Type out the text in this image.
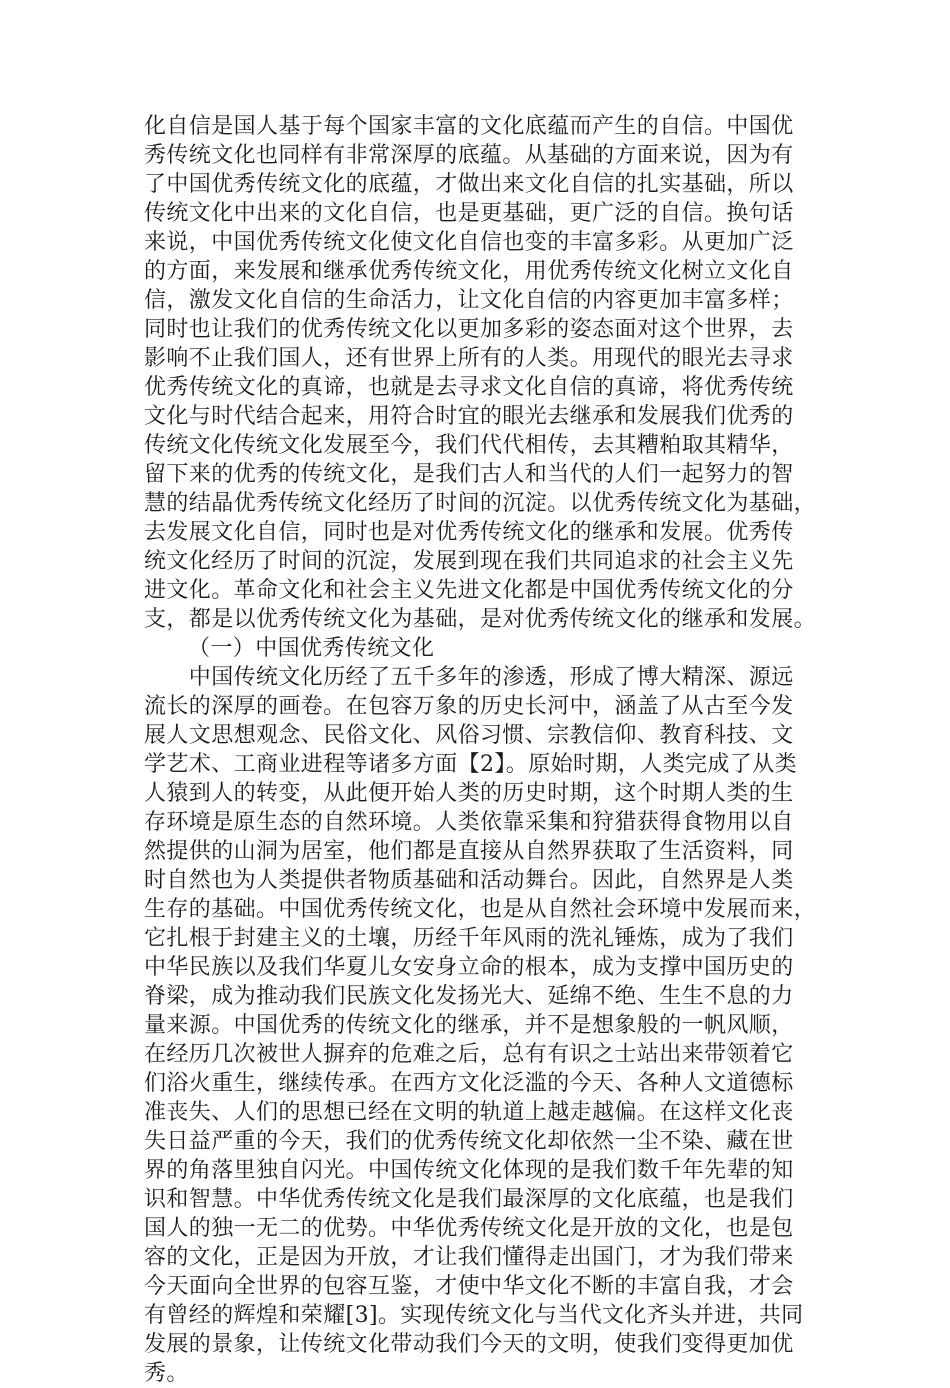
化自信是国人基于每个国家丰富的文化底蕴而产生的自信。中国优
秀传统文化也同样有非常深厚的底蕴。从基础的方面来说，因为有
了中国优秀传统文化的底蕴，才做出来文化自信的扎实基础，所以
传统文化中出来的文化自信，也是更基础，更广泛的自信。换句话
来说，中国优秀传统文化使文化自信也变的丰富多彩。从更加广泛
的方面，来发展和继承优秀传统文化，用优秀传统文化树立文化自
信，激发文化自信的生命活力，让文化自信的内容更加丰富多样；
同时也让我们的优秀传统文化以更加多彩的姿态面对这个世界，去
影响不止我们国人，还有世界上所有的人类。用现代的眼光去寻求
优秀传统文化的真谛，也就是去寻求文化自信的真谛，将优秀传统
文化与时代结合起来，用符合时宜的眼光去继承和发展我们优秀的
传统文化传统文化发展至今，我们代代相传，去其糟粕取其精华，
留下来的优秀的传统文化，是我们古人和当代的人们一起努力的智
慧的结晶优秀传统文化经历了时间的沉淀。以优秀传统文化为基础，
去发展文化自信，同时也是对优秀传统文化的继承和发展。优秀传
统文化经历了时间的沉淀，发展到现在我们共同追求的社会主义先
进文化。革命文化和社会主义先进文化都是中国优秀传统文化的分
支，都是以优秀传统文化为基础，是对优秀传统文化的继承和发展。
（一）中国优秀传统文化
　　中国传统文化历经了五千多年的渗透，形成了博大精深、源远
流长的深厚的画卷。在包容万象的历史长河中，涵盖了从古至今发
展人文思想观念、民俗文化、风俗习惯、宗教信仰、教育科技、文
学艺术、工商业进程等诸多方面【2】。原始时期，人类完成了从类
人猿到人的转变，从此便开始人类的历史时期，这个时期人类的生
存环境是原生态的自然环境。人类依靠采集和狩猎获得食物用以自
然提供的山洞为居室，他们都是直接从自然界获取了生活资料，同
时自然也为人类提供者物质基础和活动舞台。因此，自然界是人类
生存的基础。中国优秀传统文化，也是从自然社会环境中发展而来，
它扎根于封建主义的土壤，历经千年风雨的洗礼锤炼，成为了我们
中华民族以及我们华夏儿女安身立命的根本，成为支撑中国历史的
脊梁，成为推动我们民族文化发扬光大、延绵不绝、生生不息的力
量来源。中国优秀的传统文化的继承，并不是想象般的一帆风顺，
在经历几次被世人摒弃的危难之后，总有有识之士站出来带领着它
们浴火重生，继续传承。在西方文化泛滥的今天、各种人文道德标
准丧失、人们的思想已经在文明的轨道上越走越偏。在这样文化丧
失日益严重的今天，我们的优秀传统文化却依然一尘不染、藏在世
界的角落里独自闪光。中国传统文化体现的是我们数千年先辈的知
识和智慧。中华优秀传统文化是我们最深厚的文化底蕴，也是我们
国人的独一无二的优势。中华优秀传统文化是开放的文化，也是包
容的文化，正是因为开放，才让我们懂得走出国门，才为我们带来
今天面向全世界的包容互鉴，才使中华文化不断的丰富自我，才会
有曾经的辉煌和荣耀[3]。实现传统文化与当代文化齐头并进，共同
发展的景象，让传统文化带动我们今天的文明，使我们变得更加优
秀。
